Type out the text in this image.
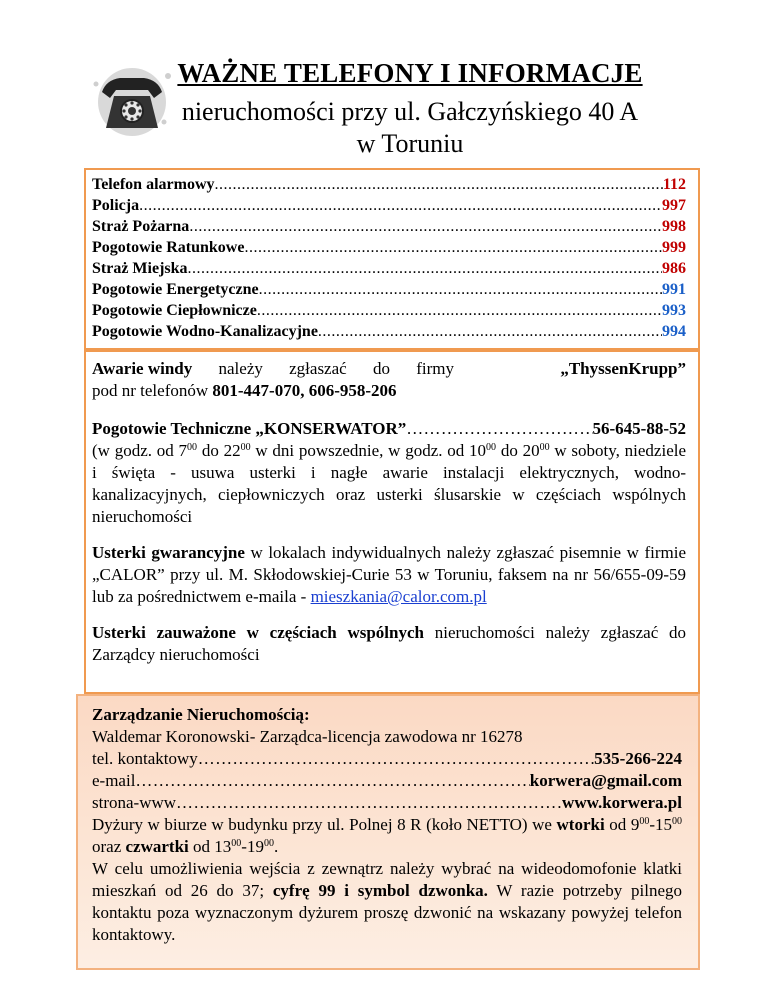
WAŻNE TELEFONY I INFORMACJE
nieruchomości przy ul. Gałczyńskiego 40 A
w Toruniu
Telefon alarmowy .....	112
Policja .....	997
Straż Pożarna .....	998
Pogotowie Ratunkowe .....	999
Straż Miejska .....	986
Pogotowie Energetyczne .....	991
Pogotowie Ciepłownicze .....	993
Pogotowie Wodno-Kanalizacyjne .....	994

Awarie windy należy zgłaszać do firmy	„ThyssenKrupp”
pod nr telefonów 801-447-070, 606-958-206

Pogotowie Techniczne „KONSERWATOR” ………………………………………………………………………………………………………………………………	56-645-88-52
(w godz. od $7^{00}$ do $22^{00}$ w dni powszednie, w godz. od $10^{00}$ do $20^{00}$ w soboty, niedziele i święta - usuwa usterki i nagłe awarie instalacji elektrycznych, wodno-kanalizacyjnych, ciepłowniczych oraz usterki ślusarskie w częściach wspólnych nieruchomości

Usterki gwarancyjne w lokalach indywidualnych należy zgłaszać pisemnie w firmie „CALOR” przy ul. M. Skłodowskiej-Curie 53 w Toruniu, faksem na nr 56/655-09-59 lub za pośrednictwem e-maila - mieszkania@calor.com.pl

Usterki zauważone w częściach wspólnych nieruchomości należy zgłaszać do Zarządcy nieruchomości

Zarządzanie Nieruchomością:
Waldemar Koronowski- Zarządca-licencja zawodowa nr 16278
tel. kontaktowy ………………………………………………………………………………………………………………………………	535-266-224
e-mail ………………………………………………………………………………………………………………………………	korwera@gmail.com
strona-www ………………………………………………………………………………………………………………………………	www.korwera.pl
Dyżury w biurze w budynku przy ul. Polnej 8 R (koło NETTO) we wtorki od $9^{00}-15^{00}$ oraz czwartki od $13^{00}-19^{00}$.
W celu umożliwienia wejścia z zewnątrz należy wybrać na wideodomofonie klatki mieszkań od 26 do 37; cyfrę 99 i symbol dzwonka. W razie potrzeby pilnego kontaktu poza wyznaczonym dyżurem proszę dzwonić na wskazany powyżej telefon kontaktowy.
